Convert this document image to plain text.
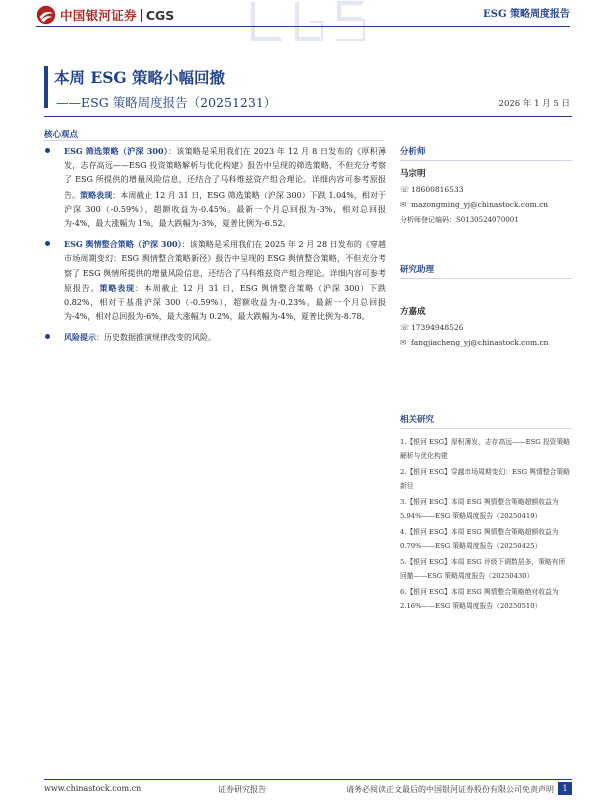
中国银河证券 CGS	ESG 策略周度报告
本周 ESG 策略小幅回撤
——ESG 策略周度报告（20251231）	2026 年 1 月 5 日
核心观点
ESG 筛选策略（沪深 300）：该策略是采用我们在 2023 年 12 月 8 日发布的《厚积薄发，志存高远——ESG 投资策略解析与优化构建》报告中呈现的筛选策略，不但充分考察了 ESG 所提供的增量风险信息，还结合了马科维兹资产组合理论。详细内容可参考原报告。策略表现：本周截止 12 月 31 日，ESG 筛选策略（沪深 300）下跌 1.04%，相对于沪深 300（-0.59%），超额收益为-0.45%。最新一个月总回报为-3%，相对总回报为-4%，最大涨幅为 1%，最大跌幅为-3%，夏普比例为-6.52。
ESG 舆情整合策略（沪深 300）：该策略是采用我们在 2025 年 2 月 28 日发布的《穿越市场周期变幻：ESG 舆情整合策略新径》报告中呈现的 ESG 舆情整合策略，不但充分考察了 ESG 舆情所提供的增量风险信息，还结合了马科维兹资产组合理论。详细内容可参考原报告。策略表现：本周截止 12 月 31 日，ESG 舆情整合策略（沪深 300）下跌 0.82%，相对于基准沪深 300（-0.59%），超额收益为-0.23%。最新一个月总回报为-4%，相对总回报为-6%，最大涨幅为 0.2%，最大跌幅为-4%，夏普比例为-8.78。
风险提示：历史数据推演规律改变的风险。
分析师
马宗明
☏ 18600816533
✉ mazongming_yj@chinastock.com.cn
分析师登记编码：S0130524070001
研究助理
方嘉成
☏ 17394948526
✉ fangjiacheng_yj@chinastock.com.cn
相关研究
1.【银河 ESG】厚积薄发，志存高远——ESG 投资策略解析与优化构建
2.【银河 ESG】穿越市场周期变幻：ESG 舆情整合策略新径
3.【银河 ESG】本周 ESG 舆情整合策略超额收益为 5.94%——ESG 策略周度报告（20250419）
4.【银河 ESG】本周 ESG 舆情整合策略超额收益为 0.79%——ESG 策略周度报告（20250425）
5.【银河 ESG】本周 ESG 评级下调数居多，策略有所回撤——ESG 策略周度报告（20250430）
6.【银河 ESG】本周 ESG 舆情整合策略绝对收益为 2.16%——ESG 策略周度报告（20250510）
www.chinastock.com.cn	证券研究报告	请务必阅读正文最后的中国银河证券股份有限公司免责声明	1
